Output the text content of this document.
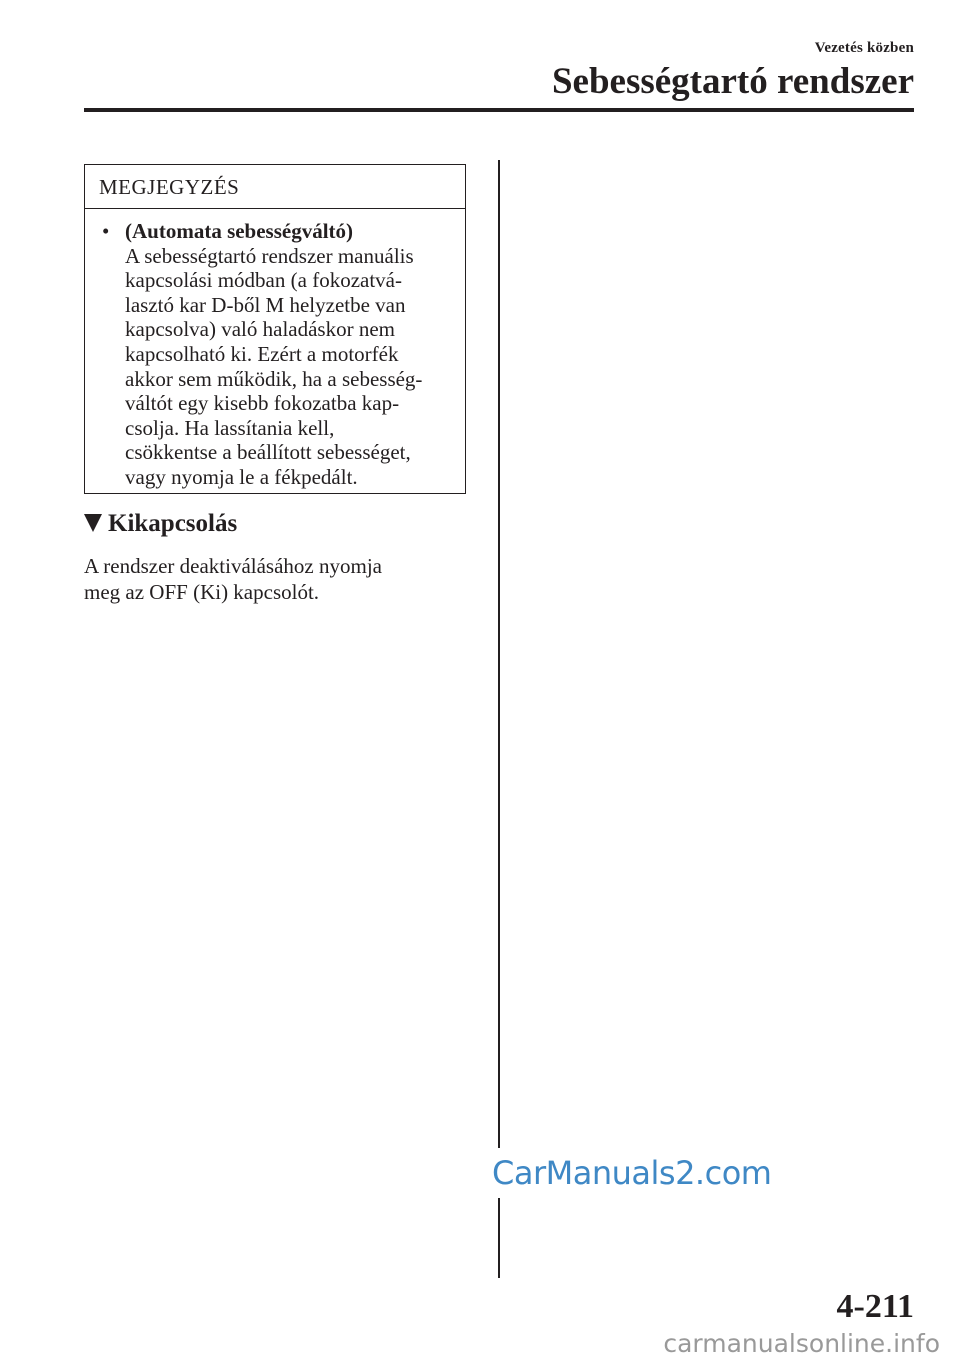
Vezetés közben
Sebességtartó rendszer
MEGJEGYZÉS
• (Automata sebességváltó)
A sebességtartó rendszer manuális
kapcsolási módban (a fokozatvá-
lasztó kar D-ből M helyzetbe van
kapcsolva) való haladáskor nem
kapcsolható ki. Ezért a motorfék
akkor sem működik, ha a sebesség-
váltót egy kisebb fokozatba kap-
csolja. Ha lassítania kell,
csökkentse a beállított sebességet,
vagy nyomja le a fékpedált.
Kikapcsolás
A rendszer deaktiválásához nyomja
meg az OFF (Ki) kapcsolót.
CarManuals2.com
4-211
carmanualsonline.info
